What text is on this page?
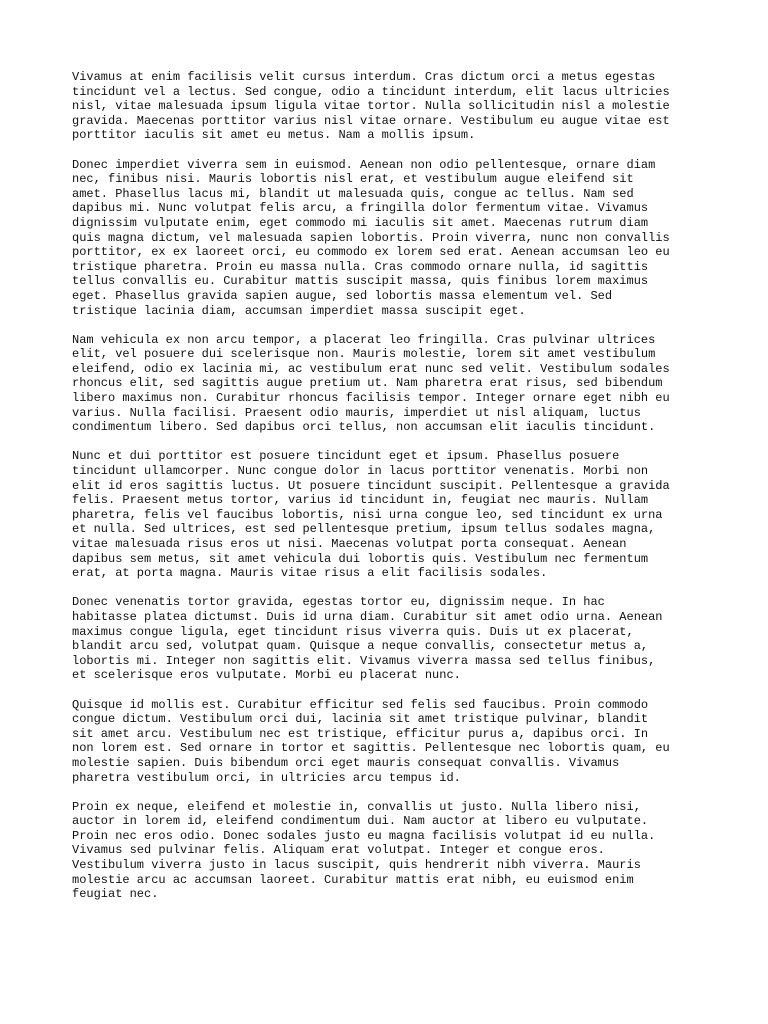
Vivamus at enim facilisis velit cursus interdum. Cras dictum orci a metus egestas
tincidunt vel a lectus. Sed congue, odio a tincidunt interdum, elit lacus ultricies
nisl, vitae malesuada ipsum ligula vitae tortor. Nulla sollicitudin nisl a molestie
gravida. Maecenas porttitor varius nisl vitae ornare. Vestibulum eu augue vitae est
porttitor iaculis sit amet eu metus. Nam a mollis ipsum.

Donec imperdiet viverra sem in euismod. Aenean non odio pellentesque, ornare diam
nec, finibus nisi. Mauris lobortis nisl erat, et vestibulum augue eleifend sit
amet. Phasellus lacus mi, blandit ut malesuada quis, congue ac tellus. Nam sed
dapibus mi. Nunc volutpat felis arcu, a fringilla dolor fermentum vitae. Vivamus
dignissim vulputate enim, eget commodo mi iaculis sit amet. Maecenas rutrum diam
quis magna dictum, vel malesuada sapien lobortis. Proin viverra, nunc non convallis
porttitor, ex ex laoreet orci, eu commodo ex lorem sed erat. Aenean accumsan leo eu
tristique pharetra. Proin eu massa nulla. Cras commodo ornare nulla, id sagittis
tellus convallis eu. Curabitur mattis suscipit massa, quis finibus lorem maximus
eget. Phasellus gravida sapien augue, sed lobortis massa elementum vel. Sed
tristique lacinia diam, accumsan imperdiet massa suscipit eget.

Nam vehicula ex non arcu tempor, a placerat leo fringilla. Cras pulvinar ultrices
elit, vel posuere dui scelerisque non. Mauris molestie, lorem sit amet vestibulum
eleifend, odio ex lacinia mi, ac vestibulum erat nunc sed velit. Vestibulum sodales
rhoncus elit, sed sagittis augue pretium ut. Nam pharetra erat risus, sed bibendum
libero maximus non. Curabitur rhoncus facilisis tempor. Integer ornare eget nibh eu
varius. Nulla facilisi. Praesent odio mauris, imperdiet ut nisl aliquam, luctus
condimentum libero. Sed dapibus orci tellus, non accumsan elit iaculis tincidunt.

Nunc et dui porttitor est posuere tincidunt eget et ipsum. Phasellus posuere
tincidunt ullamcorper. Nunc congue dolor in lacus porttitor venenatis. Morbi non
elit id eros sagittis luctus. Ut posuere tincidunt suscipit. Pellentesque a gravida
felis. Praesent metus tortor, varius id tincidunt in, feugiat nec mauris. Nullam
pharetra, felis vel faucibus lobortis, nisi urna congue leo, sed tincidunt ex urna
et nulla. Sed ultrices, est sed pellentesque pretium, ipsum tellus sodales magna,
vitae malesuada risus eros ut nisi. Maecenas volutpat porta consequat. Aenean
dapibus sem metus, sit amet vehicula dui lobortis quis. Vestibulum nec fermentum
erat, at porta magna. Mauris vitae risus a elit facilisis sodales.

Donec venenatis tortor gravida, egestas tortor eu, dignissim neque. In hac
habitasse platea dictumst. Duis id urna diam. Curabitur sit amet odio urna. Aenean
maximus congue ligula, eget tincidunt risus viverra quis. Duis ut ex placerat,
blandit arcu sed, volutpat quam. Quisque a neque convallis, consectetur metus a,
lobortis mi. Integer non sagittis elit. Vivamus viverra massa sed tellus finibus,
et scelerisque eros vulputate. Morbi eu placerat nunc.

Quisque id mollis est. Curabitur efficitur sed felis sed faucibus. Proin commodo
congue dictum. Vestibulum orci dui, lacinia sit amet tristique pulvinar, blandit
sit amet arcu. Vestibulum nec est tristique, efficitur purus a, dapibus orci. In
non lorem est. Sed ornare in tortor et sagittis. Pellentesque nec lobortis quam, eu
molestie sapien. Duis bibendum orci eget mauris consequat convallis. Vivamus
pharetra vestibulum orci, in ultricies arcu tempus id.

Proin ex neque, eleifend et molestie in, convallis ut justo. Nulla libero nisi,
auctor in lorem id, eleifend condimentum dui. Nam auctor at libero eu vulputate.
Proin nec eros odio. Donec sodales justo eu magna facilisis volutpat id eu nulla.
Vivamus sed pulvinar felis. Aliquam erat volutpat. Integer et congue eros.
Vestibulum viverra justo in lacus suscipit, quis hendrerit nibh viverra. Mauris
molestie arcu ac accumsan laoreet. Curabitur mattis erat nibh, eu euismod enim
feugiat nec.
